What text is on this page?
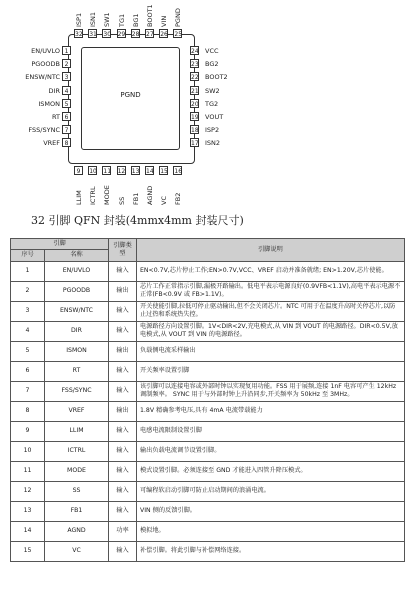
PGND
1
EN/UVLO
2
PGOODB
3
ENSW/NTC
4
DIR
5
ISMON
6
RT
7
FSS/SYNC
8
VREF
24 VCC
23 BG2
22 BOOT2
21 SW2
20 TG2
19 VOUT
18 ISP2
17 ISN2
32
ISP1
31
ISN1
30
SW1
29
TG1
28
BG1
27
BOOT1
26
VIN
25
PGND
9
LLIM
10
ICTRL
11
MODE
12
SS
13
FB1
14
AGND
15
VC
16
FB2
32 引脚 QFN 封装(4mmx4mm 封装尺寸)
引脚		引脚类型	引脚说明
序号	名称		
1	EN/UVLO	输入	EN<0.7V,芯片停止工作;EN>0.7V,VCC、VREF 启动并准备就绪; EN>1.20V,芯片使能。
2	PGOODB	输出	芯片工作正常指示引脚,漏极开路输出。低电平表示电源良好(0.9VFB<1.1V),高电平表示电源不正常(FB<0.9V 或 FB>1.1V)。
3	ENSW/NTC	输入	开关使能引脚,拉低可停止驱动输出,但不会关闭芯片。NTC 可用于在温度升高时关停芯片,以防止过热和系统热失控。
4	DIR	输入	电源路径方向设置引脚。1V<DIR<2V,充电模式,从 VIN 到 VOUT 的电源路径。DIR<0.5V,放电模式,从 VOUT 到 VIN 的电源路径。
5	ISMON	输出	负载侧电流采样输出
6	RT	输入	开关频率设置引脚
7	FSS/SYNC	输入	该引脚可以连接电容或外部时钟以实现复用功能。FSS 用于展频,连接 1nF 电容可产生 12kHz 调制频率。 SYNC 用于与外部时钟上升沿同步,开关频率为 50kHz 至 3MHz。
8	VREF	输出	1.8V 精确参考电压,具有 4mA 电流带载能力
9	LLIM	输入	电感电流限制设置引脚
10	ICTRL	输入	输出负载电流调节设置引脚。
11	MODE	输入	模式设置引脚。必须连接至 GND 才能进入四管升降压模式。
12	SS	输入	可编程软启动引脚可防止启动期间的浪涌电流。
13	FB1	输入	VIN 侧的反馈引脚。
14	AGND	功率	模拟地。
15	VC	输入	补偿引脚。将此引脚与补偿网络连接。
